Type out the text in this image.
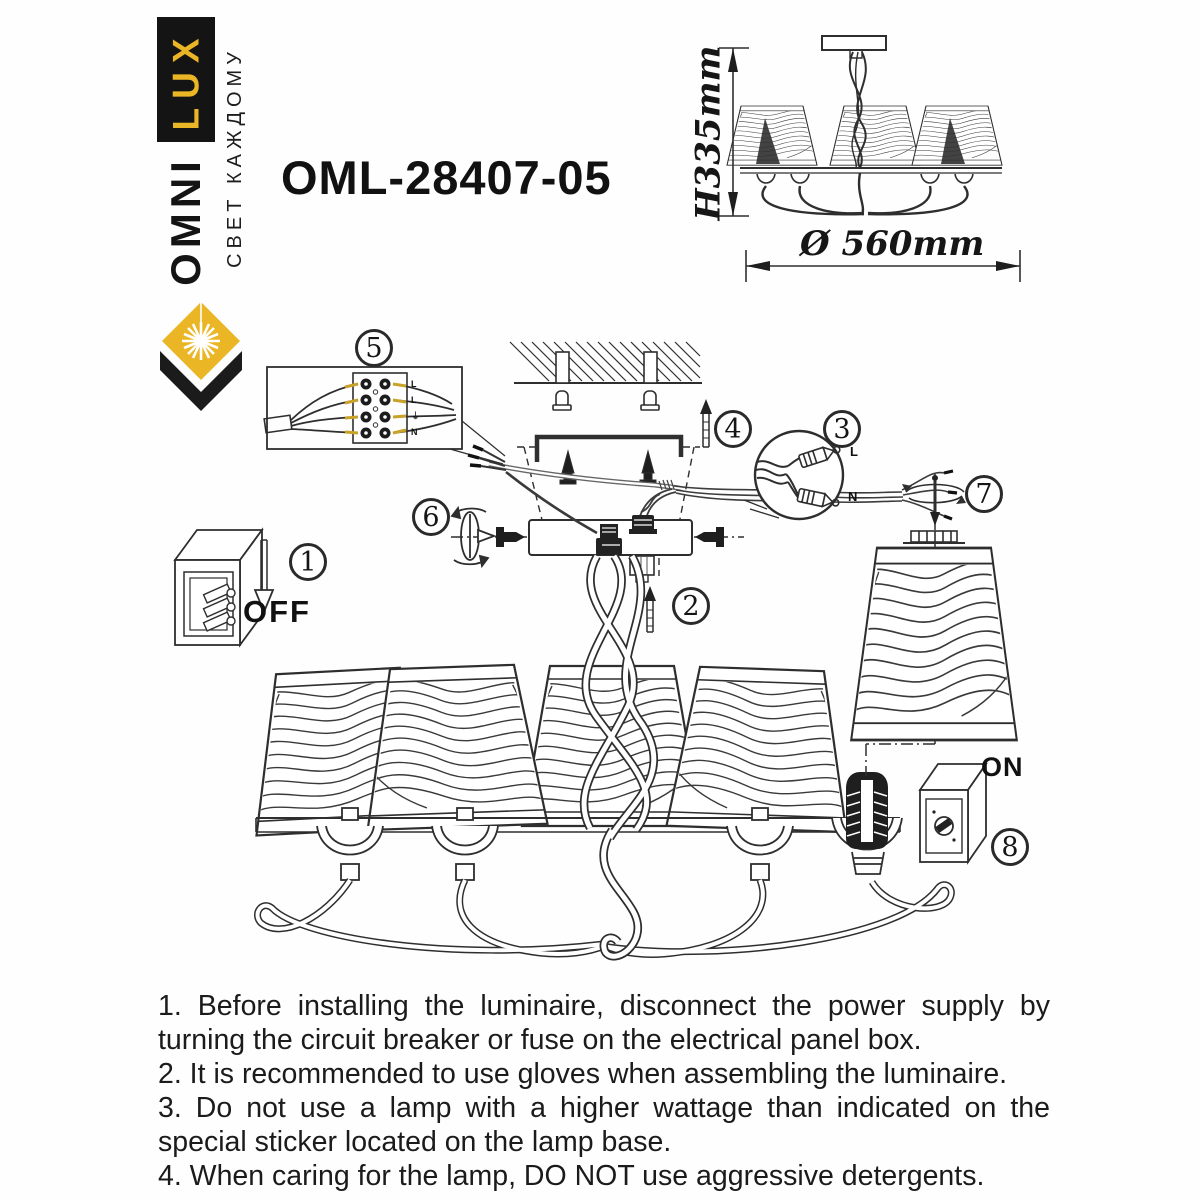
LUX
OMNI СВЕТ КАЖДОМУ OML-28407-05 H335mm
Ø 560mm
OFF
ON
L
N
L
L
⏚
N
1
2
3
4
5
6
7
8
1. Before installing the luminaire, disconnect the power supply by
turning the circuit breaker or fuse on the electrical panel box.
2. It is recommended to use gloves when assembling the luminaire.
3. Do not use a lamp with a higher wattage than indicated on the
special sticker located on the lamp base.
4. When caring for the lamp, DO NOT use aggressive detergents.
